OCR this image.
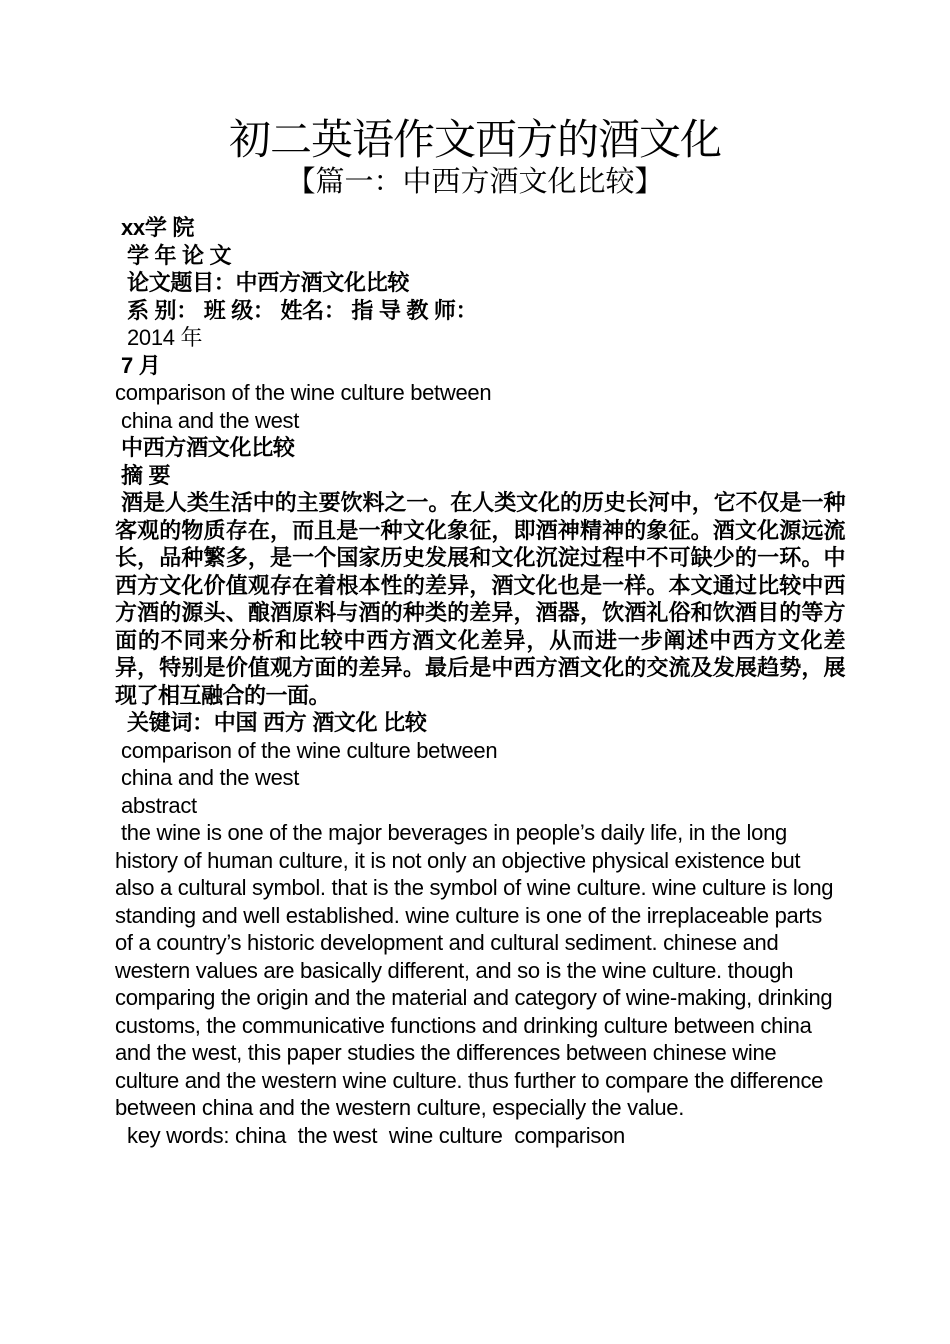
初二英语作文西方的酒文化
【篇一：中西方酒文化比较】
xx学 院
学 年 论 文
论文题目：中西方酒文化比较
系 别： 班 级： 姓名： 指 导 教 师：
2014 年
7 月
comparison of the wine culture between
china and the west
中西方酒文化比较
摘 要
酒是人类生活中的主要饮料之一。在人类文化的历史长河中，它不仅是一种客观的物质存在，而且是一种文化象征，即酒神精神的象征。酒文化源远流长，品种繁多，是一个国家历史发展和文化沉淀过程中不可缺少的一环。中西方文化价值观存在着根本性的差异，酒文化也是一样。本文通过比较中西方酒的源头、酿酒原料与酒的种类的差异，酒器，饮酒礼俗和饮酒目的等方面的不同来分析和比较中西方酒文化差异，从而进一步阐述中西方文化差异，特别是价值观方面的差异。最后是中西方酒文化的交流及发展趋势，展现了相互融合的一面。
关键词：中国 西方 酒文化 比较
comparison of the wine culture between
china and the west
abstract
the wine is one of the major beverages in people’s daily life, in the long history of human culture, it is not only an objective physical existence but also a cultural symbol. that is the symbol of wine culture. wine culture is long standing and well established. wine culture is one of the irreplaceable parts of a country’s historic development and cultural sediment. chinese and western values are basically different, and so is the wine culture. though comparing the origin and the material and category of wine-making, drinking customs, the communicative functions and drinking culture between china and the west, this paper studies the differences between chinese wine culture and the western wine culture. thus further to compare the difference between china and the western culture, especially the value.
key words: china  the west  wine culture  comparison
